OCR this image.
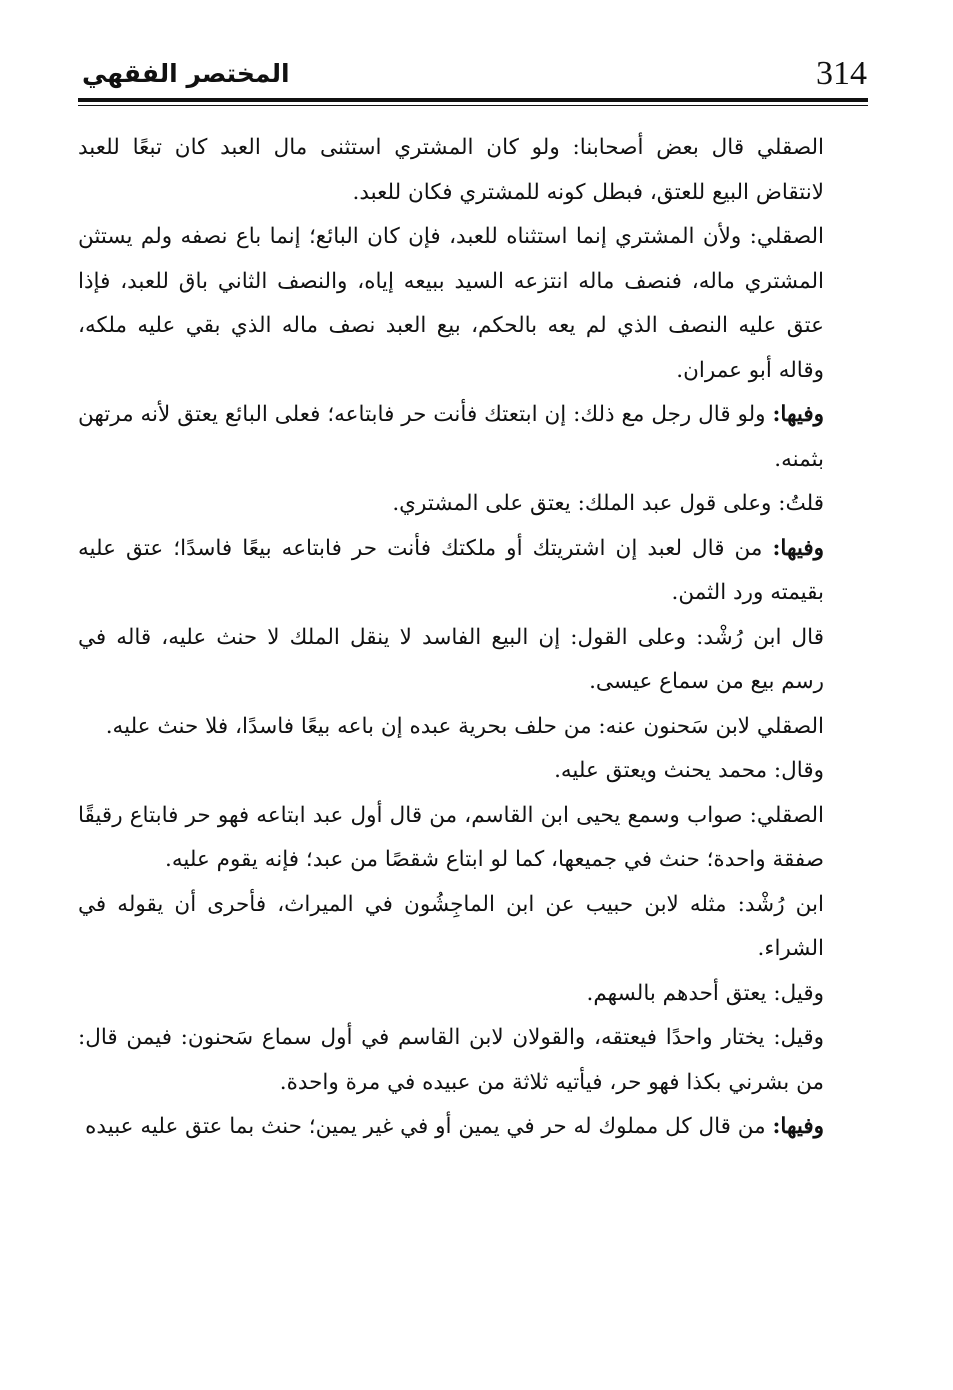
المختصر الفقهي	314

الصقلي قال بعض أصحابنا: ولو كان المشتري استثنى مال العبد كان تبعًا للعبد لانتقاض البيع للعتق، فبطل كونه للمشتري فكان للعبد.

الصقلي: ولأن المشتري إنما استثناه للعبد، فإن كان البائع؛ إنما باع نصفه ولم يستثن المشتري ماله، فنصف ماله انتزعه السيد ببيعه إياه، والنصف الثاني باق للعبد، فإذا عتق عليه النصف الذي لم يعه بالحكم، بيع العبد نصف ماله الذي بقي عليه ملكه، وقاله أبو عمران.

وفيها: ولو قال رجل مع ذلك: إن ابتعتك فأنت حر فابتاعه؛ فعلى البائع يعتق لأنه مرتهن بثمنه.

قلتُ: وعلى قول عبد الملك: يعتق على المشتري.

وفيها: من قال لعبد إن اشتريتك أو ملكتك فأنت حر فابتاعه بيعًا فاسدًا؛ عتق عليه بقيمته ورد الثمن.

قال ابن رُشْد: وعلى القول: إن البيع الفاسد لا ينقل الملك لا حنث عليه، قاله في رسم بيع من سماع عيسى.

الصقلي لابن سَحنون عنه: من حلف بحرية عبده إن باعه بيعًا فاسدًا، فلا حنث عليه.

وقال: محمد يحنث ويعتق عليه.

الصقلي: صواب وسمع يحيى ابن القاسم، من قال أول عبد ابتاعه فهو حر فابتاع رقيقًا صفقة واحدة؛ حنث في جميعها، كما لو ابتاع شقصًا من عبد؛ فإنه يقوم عليه.

ابن رُشْد: مثله لابن حبيب عن ابن الماجِشُون في الميراث، فأحرى أن يقوله في الشراء.

وقيل: يعتق أحدهم بالسهم.

وقيل: يختار واحدًا فيعتقه، والقولان لابن القاسم في أول سماع سَحنون: فيمن قال: من بشرني بكذا فهو حر، فيأتيه ثلاثة من عبيده في مرة واحدة.

وفيها: من قال كل مملوك له حر في يمين أو في غير يمين؛ حنث بما عتق عليه عبيده
